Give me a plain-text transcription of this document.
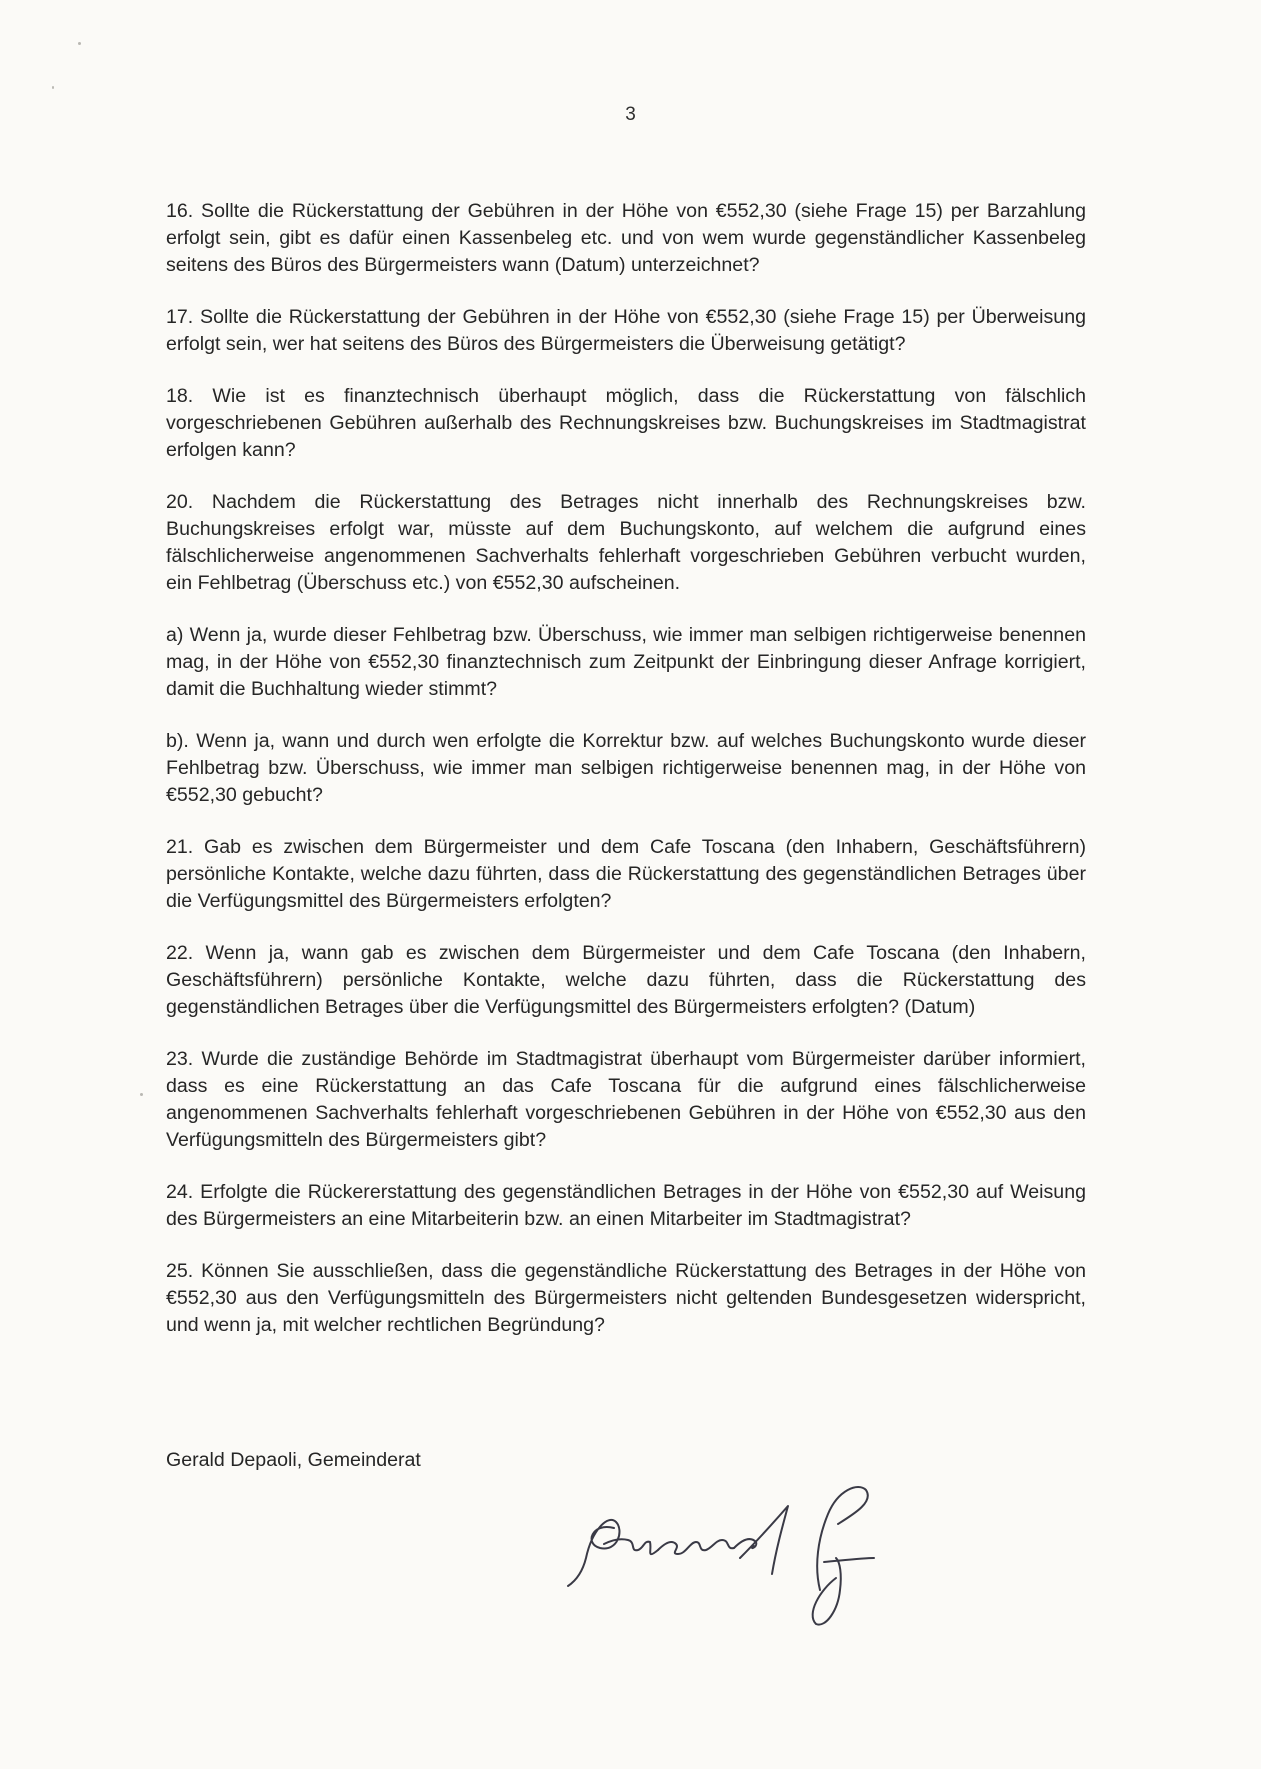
3

16. Sollte die Rückerstattung der Gebühren in der Höhe von €552,30 (siehe Frage 15) per Barzahlung erfolgt sein, gibt es dafür einen Kassenbeleg etc. und von wem wurde gegenständlicher Kassenbeleg seitens des Büros des Bürgermeisters wann (Datum) unterzeichnet?

17. Sollte die Rückerstattung der Gebühren in der Höhe von €552,30 (siehe Frage 15) per Überweisung erfolgt sein, wer hat seitens des Büros des Bürgermeisters die Überweisung getätigt?

18. Wie ist es finanztechnisch überhaupt möglich, dass die Rückerstattung von fälschlich vorgeschriebenen Gebühren außerhalb des Rechnungskreises bzw. Buchungskreises im Stadtmagistrat erfolgen kann?

20. Nachdem die Rückerstattung des Betrages nicht innerhalb des Rechnungskreises bzw. Buchungskreises erfolgt war, müsste auf dem Buchungskonto, auf welchem die aufgrund eines fälschlicherweise angenommenen Sachverhalts fehlerhaft vorgeschrieben Gebühren verbucht wurden, ein Fehlbetrag (Überschuss etc.) von €552,30 aufscheinen.

a) Wenn ja, wurde dieser Fehlbetrag bzw. Überschuss, wie immer man selbigen richtigerweise benennen mag, in der Höhe von €552,30 finanztechnisch zum Zeitpunkt der Einbringung dieser Anfrage korrigiert, damit die Buchhaltung wieder stimmt?

b). Wenn ja, wann und durch wen erfolgte die Korrektur bzw. auf welches Buchungskonto wurde dieser Fehlbetrag bzw. Überschuss, wie immer man selbigen richtigerweise benennen mag, in der Höhe von €552,30 gebucht?

21. Gab es zwischen dem Bürgermeister und dem Cafe Toscana (den Inhabern, Geschäftsführern) persönliche Kontakte, welche dazu führten, dass die Rückerstattung des gegenständlichen Betrages über die Verfügungsmittel des Bürgermeisters erfolgten?

22. Wenn ja, wann gab es zwischen dem Bürgermeister und dem Cafe Toscana (den Inhabern, Geschäftsführern) persönliche Kontakte, welche dazu führten, dass die Rückerstattung des gegenständlichen Betrages über die Verfügungsmittel des Bürgermeisters erfolgten? (Datum)

23. Wurde die zuständige Behörde im Stadtmagistrat überhaupt vom Bürgermeister darüber informiert, dass es eine Rückerstattung an das Cafe Toscana für die aufgrund eines fälschlicherweise angenommenen Sachverhalts fehlerhaft vorgeschriebenen Gebühren in der Höhe von €552,30 aus den Verfügungsmitteln des Bürgermeisters gibt?

24. Erfolgte die Rückererstattung des gegenständlichen Betrages in der Höhe von €552,30 auf Weisung des Bürgermeisters an eine Mitarbeiterin bzw. an einen Mitarbeiter im Stadtmagistrat?

25. Können Sie ausschließen, dass die gegenständliche Rückerstattung des Betrages in der Höhe von €552,30 aus den Verfügungsmitteln des Bürgermeisters nicht geltenden Bundesgesetzen widerspricht, und wenn ja, mit welcher rechtlichen Begründung?

Gerald Depaoli, Gemeinderat
